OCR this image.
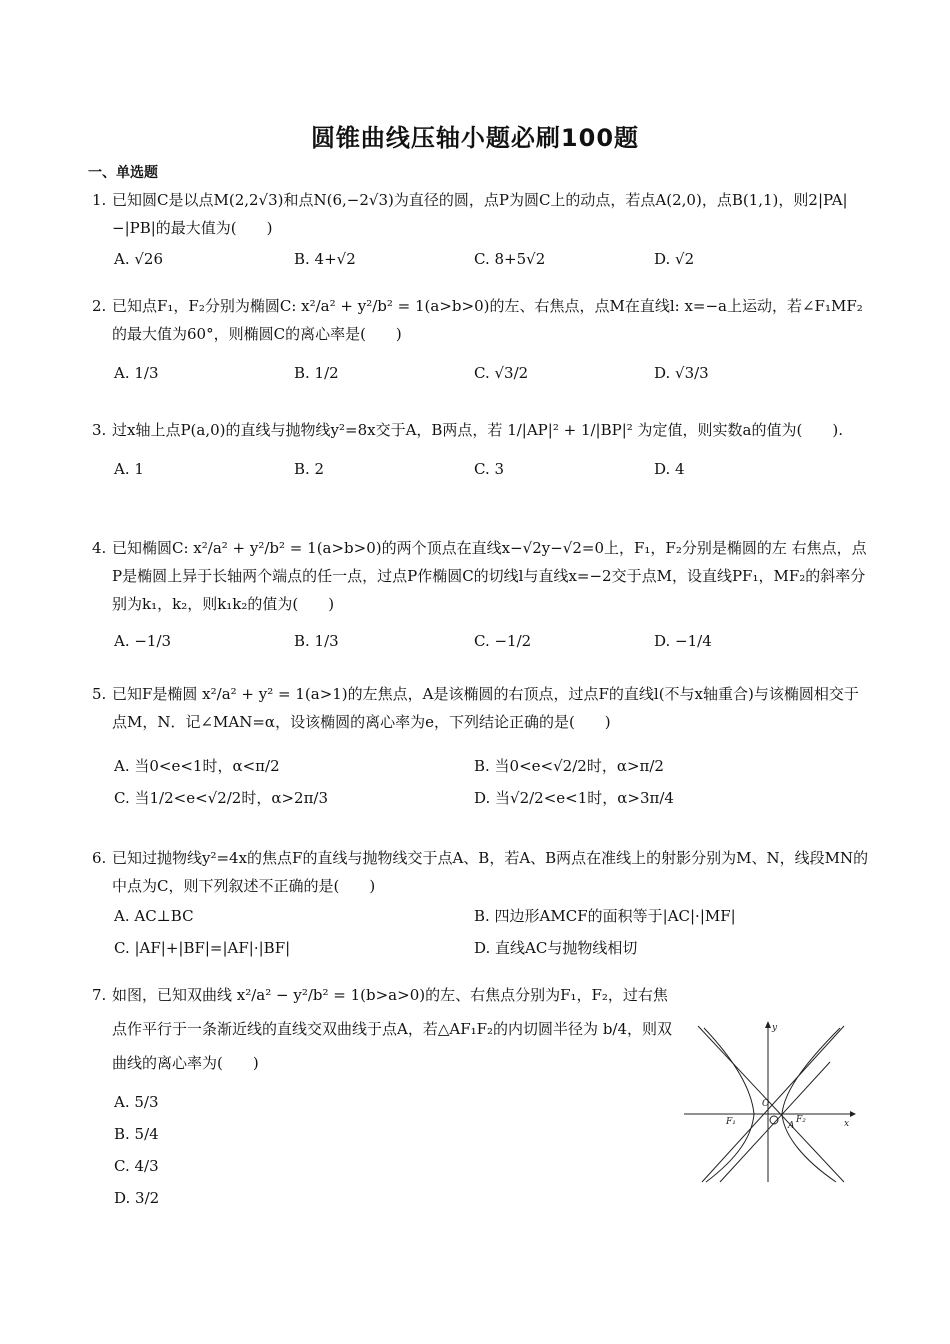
圆锥曲线压轴小题必刷100题
一、单选题
1. 已知圆C是以点M(2,2√3)和点N(6,−2√3)为直径的圆，点P为圆C上的动点，若点A(2,0)，点B(1,1)，则2|PA|−|PB|的最大值为(　　)
A. √26	B. 4+√2	C. 8+5√2	D. √2
2. 已知点F₁，F₂分别为椭圆C: x²/a² + y²/b² = 1(a>b>0)的左、右焦点，点M在直线l: x=−a上运动，若∠F₁MF₂的最大值为60°，则椭圆C的离心率是(　　)
A. 1/3	B. 1/2	C. √3/2	D. √3/3
3. 过x轴上点P(a,0)的直线与抛物线y²=8x交于A，B两点，若 1/|AP|² + 1/|BP|² 为定值，则实数a的值为(　　).
A. 1	B. 2	C. 3	D. 4
4. 已知椭圆C: x²/a² + y²/b² = 1(a>b>0)的两个顶点在直线x−√2y−√2=0上，F₁，F₂分别是椭圆的左 右焦点，点P是椭圆上异于长轴两个端点的任一点，过点P作椭圆C的切线l与直线x=−2交于点M，设直线PF₁，MF₂的斜率分别为k₁，k₂，则k₁k₂的值为(　　)
A. −1/3	B. 1/3	C. −1/2	D. −1/4
5. 已知F是椭圆 x²/a² + y² = 1(a>1)的左焦点，A是该椭圆的右顶点，过点F的直线l(不与x轴重合)与该椭圆相交于点M，N．记∠MAN=α，设该椭圆的离心率为e，下列结论正确的是(　　)
A. 当0<e<1时，α<π/2	B. 当0<e<√2/2时，α>π/2
C. 当1/2<e<√2/2时，α>2π/3	D. 当√2/2<e<1时，α>3π/4
6. 已知过抛物线y²=4x的焦点F的直线与抛物线交于点A、B，若A、B两点在准线上的射影分别为M、N，线段MN的中点为C，则下列叙述不正确的是(　　)
A. AC⊥BC	B. 四边形AMCF的面积等于|AC|·|MF|
C. |AF|+|BF|=|AF|·|BF|	D. 直线AC与抛物线相切
7. 如图，已知双曲线 x²/a² − y²/b² = 1(b>a>0)的左、右焦点分别为F₁，F₂，过右焦点作平行于一条渐近线的直线交双曲线于点A，若△AF₁F₂的内切圆半径为 b/4，则双曲线的离心率为(　　)
A. 5/3
B. 5/4
C. 4/3
D. 3/2
y
x
O
F₁	F₂
A
